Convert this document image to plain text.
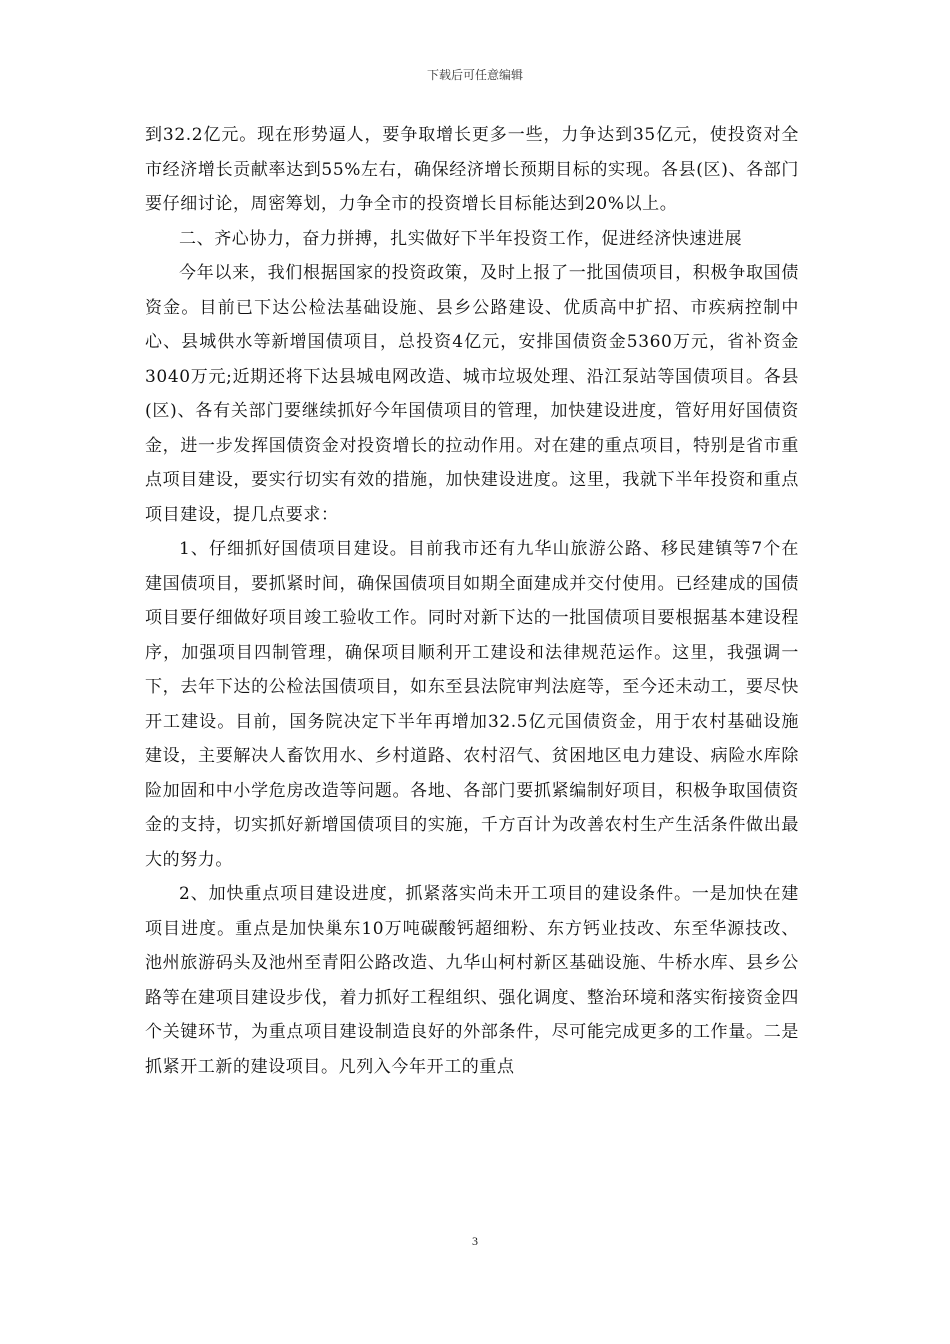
下载后可任意编辑

到32.2亿元。现在形势逼人，要争取增长更多一些，力争达到35亿元，使投资对全市经济增长贡献率达到55%左右，确保经济增长预期目标的实现。各县(区)、各部门要仔细讨论，周密筹划，力争全市的投资增长目标能达到20%以上。

二、齐心协力，奋力拼搏，扎实做好下半年投资工作，促进经济快速进展

今年以来，我们根据国家的投资政策，及时上报了一批国债项目，积极争取国债资金。目前已下达公检法基础设施、县乡公路建设、优质高中扩招、市疾病控制中心、县城供水等新增国债项目，总投资4亿元，安排国债资金5360万元，省补资金3040万元;近期还将下达县城电网改造、城市垃圾处理、沿江泵站等国债项目。各县(区)、各有关部门要继续抓好今年国债项目的管理，加快建设进度，管好用好国债资金，进一步发挥国债资金对投资增长的拉动作用。对在建的重点项目，特别是省市重点项目建设，要实行切实有效的措施，加快建设进度。这里，我就下半年投资和重点项目建设，提几点要求：

1、仔细抓好国债项目建设。目前我市还有九华山旅游公路、移民建镇等7个在建国债项目，要抓紧时间，确保国债项目如期全面建成并交付使用。已经建成的国债项目要仔细做好项目竣工验收工作。同时对新下达的一批国债项目要根据基本建设程序，加强项目四制管理，确保项目顺利开工建设和法律规范运作。这里，我强调一下，去年下达的公检法国债项目，如东至县法院审判法庭等，至今还未动工，要尽快开工建设。目前，国务院决定下半年再增加32.5亿元国债资金，用于农村基础设施建设，主要解决人畜饮用水、乡村道路、农村沼气、贫困地区电力建设、病险水库除险加固和中小学危房改造等问题。各地、各部门要抓紧编制好项目，积极争取国债资金的支持，切实抓好新增国债项目的实施，千方百计为改善农村生产生活条件做出最大的努力。

2、加快重点项目建设进度，抓紧落实尚未开工项目的建设条件。一是加快在建项目进度。重点是加快巢东10万吨碳酸钙超细粉、东方钙业技改、东至华源技改、池州旅游码头及池州至青阳公路改造、九华山柯村新区基础设施、牛桥水库、县乡公路等在建项目建设步伐，着力抓好工程组织、强化调度、整治环境和落实衔接资金四个关键环节，为重点项目建设制造良好的外部条件，尽可能完成更多的工作量。二是抓紧开工新的建设项目。凡列入今年开工的重点

3
